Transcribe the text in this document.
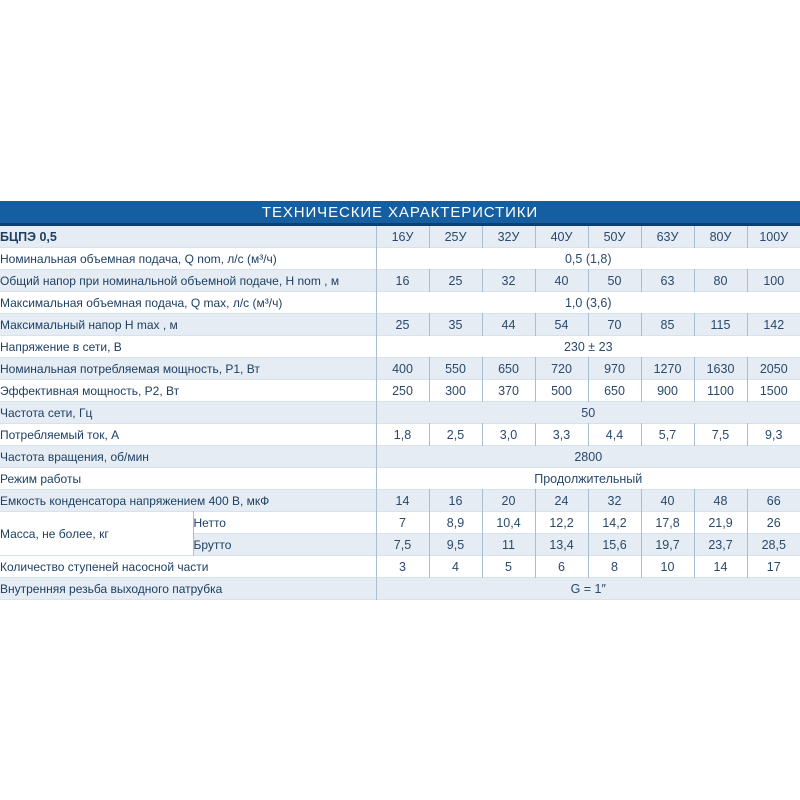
ТЕХНИЧЕСКИЕ ХАРАКТЕРИСТИКИ
БЦПЭ 0,5		16У	25У	32У	40У	50У	63У	80У	100У
Номинальная объемная подача, Q nom, л/с (м³/ч)		0,5 (1,8)							
Общий напор при номинальной объемной подаче, H nom , м		16	25	32	40	50	63	80	100
Максимальная объемная подача, Q max, л/с (м³/ч)		1,0 (3,6)							
Максимальный напор H max , м		25	35	44	54	70	85	115	142
Напряжение в сети, В		230 ± 23							
Номинальная потребляемая мощность, P1, Вт		400	550	650	720	970	1270	1630	2050
Эффективная мощность, P2, Вт		250	300	370	500	650	900	1100	1500
Частота сети, Гц		50							
Потребляемый ток, А		1,8	2,5	3,0	3,3	4,4	5,7	7,5	9,3
Частота вращения, об/мин		2800							
Режим работы		Продолжительный							
Емкость конденсатора напряжением 400 В, мкФ		14	16	20	24	32	40	48	66
Масса, не более, кг	Нетто	7	8,9	10,4	12,2	14,2	17,8	21,9	26
	Брутто	7,5	9,5	11	13,4	15,6	19,7	23,7	28,5
Количество ступеней насосной части		3	4	5	6	8	10	14	17
Внутренняя резьба выходного патрубка		G = 1″							
